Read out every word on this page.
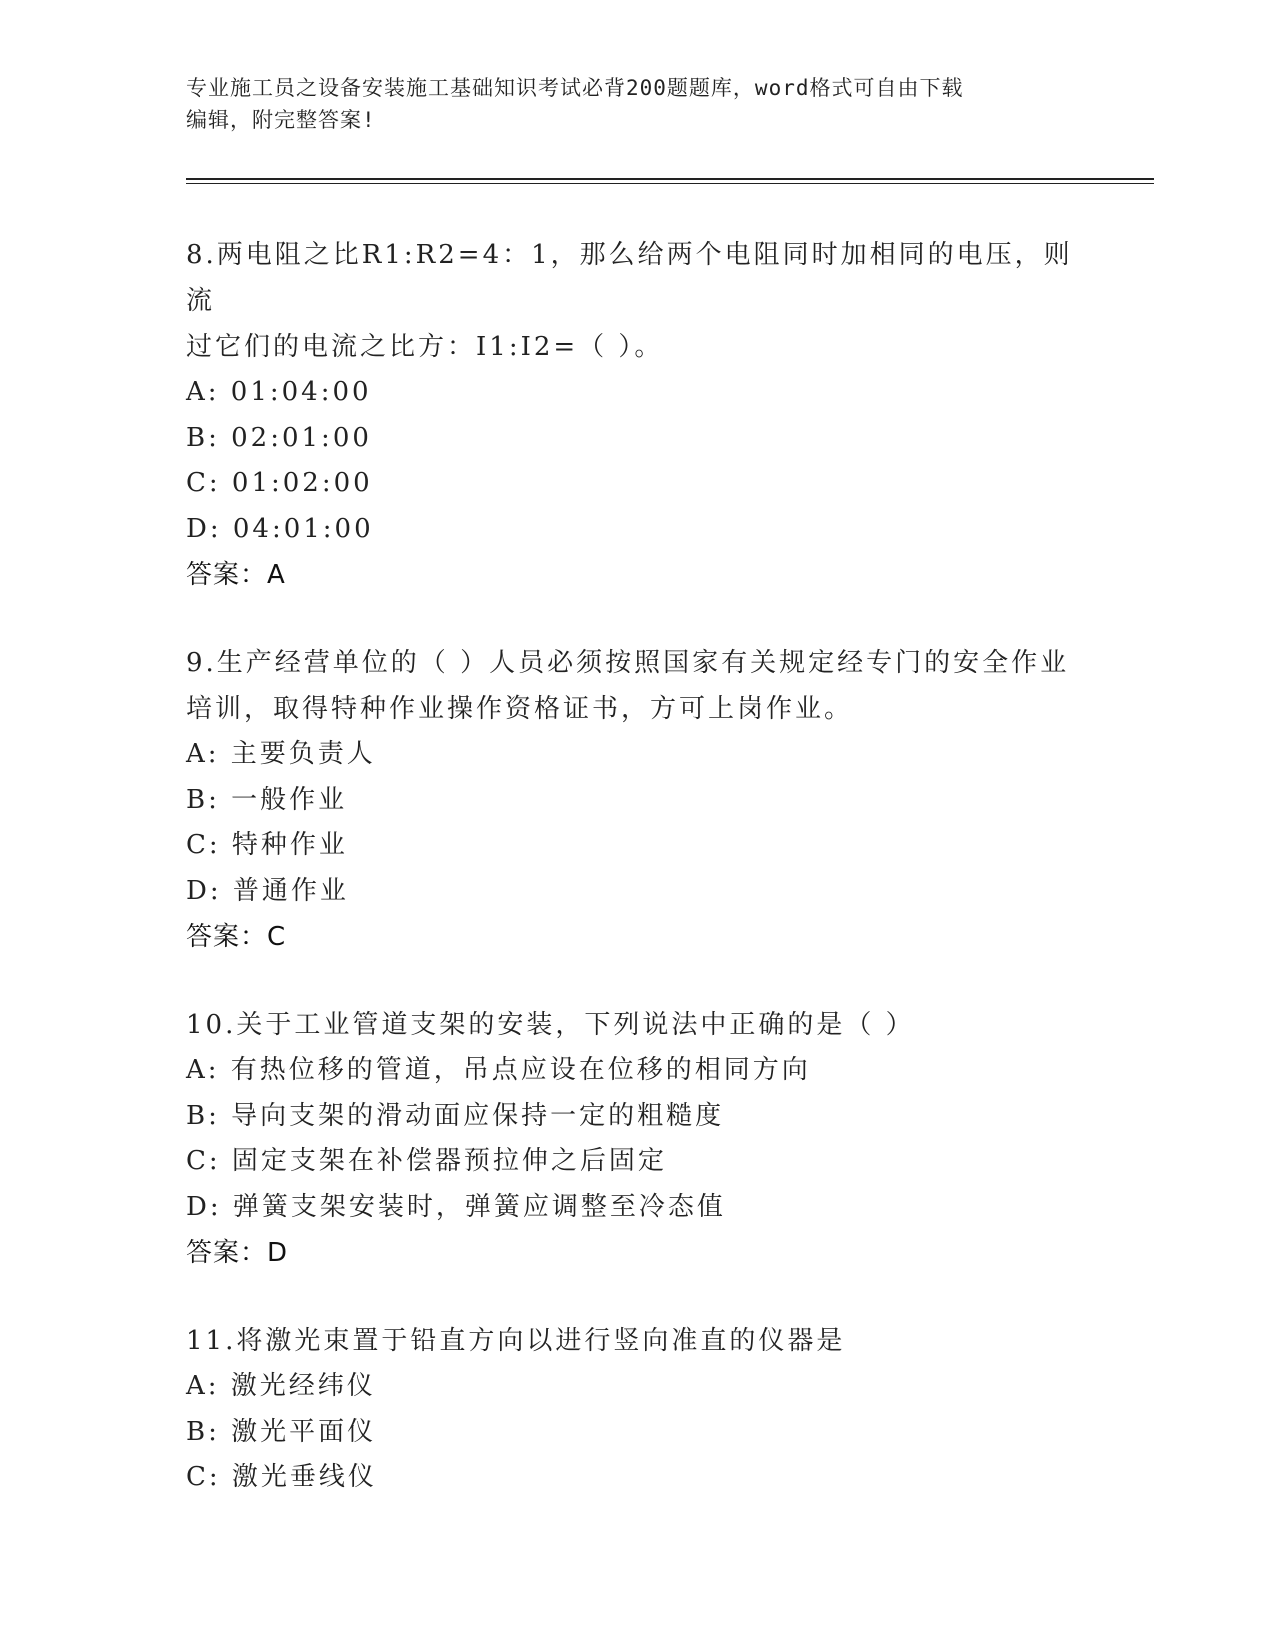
专业施工员之设备安装施工基础知识考试必背200题题库，word格式可自由下载
编辑，附完整答案!
8.两电阻之比R1:R2=4：1，那么给两个电阻同时加相同的电压，则流
过它们的电流之比方：I1:I2=（ ）。
A: 01:04:00
B: 02:01:00
C: 01:02:00
D: 04:01:00
答案：A
9.生产经营单位的（ ）人员必须按照国家有关规定经专门的安全作业
培训，取得特种作业操作资格证书，方可上岗作业。
A: 主要负责人
B: 一般作业
C: 特种作业
D: 普通作业
答案：C
10.关于工业管道支架的安装，下列说法中正确的是（ ）
A: 有热位移的管道，吊点应设在位移的相同方向
B: 导向支架的滑动面应保持一定的粗糙度
C: 固定支架在补偿器预拉伸之后固定
D: 弹簧支架安装时，弹簧应调整至冷态值
答案：D
11.将激光束置于铅直方向以进行竖向准直的仪器是
A: 激光经纬仪
B: 激光平面仪
C: 激光垂线仪
